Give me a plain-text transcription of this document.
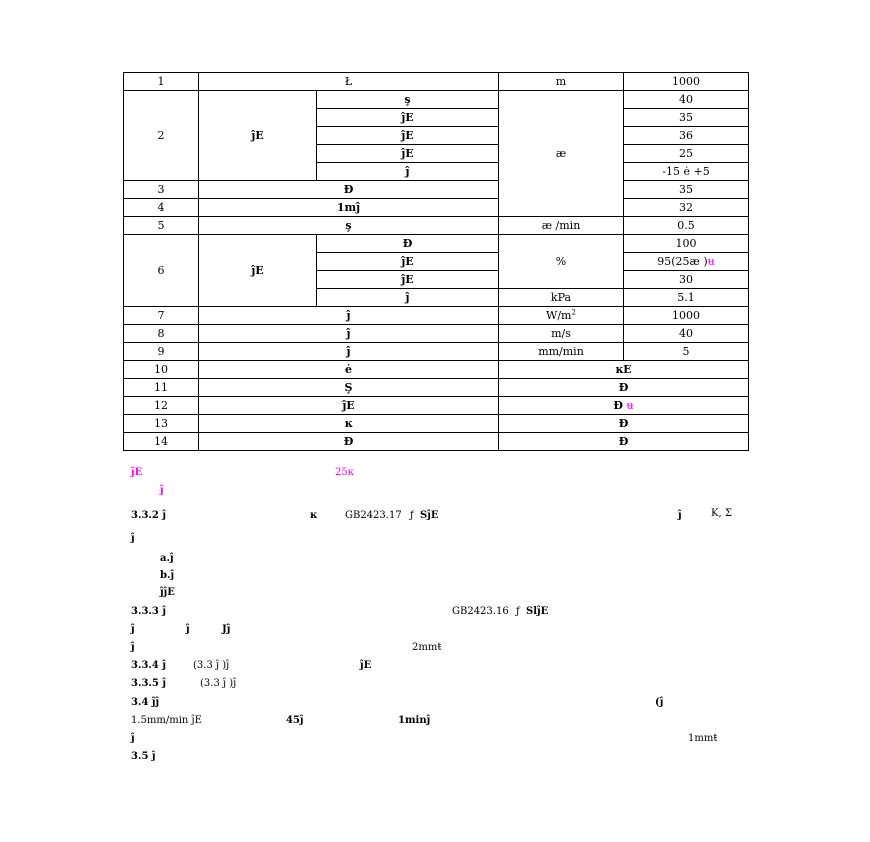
1	Ł		m	1000
2	ĵE	ş	æ	40
		ĵE		35
		ĵE		36
		ĵE		25
		ĵ		-15 ė +5
3	Đ			35
4	1mĵ			32
5	ş		æ /min	0.5
6	ĵE	Đ	%	100
		ĵE		95(25æ )ʉ
		ĵE		30
		ĵ	kPa	5.1
7	ĵ		$W/m^2$	1000
8	ĵ		m/s	40
9	ĵ		mm/min	5
10	ė		ĸE	
11	Ş		Đ	
12	ĵE		Đ ʉ	
13	ĸ		Đ	
14	Đ		Đ	
ĵE	25ĸ
ĵ
3.3.2 ĵ	ĸ	GB2423.17 ƒ SĵE	ĵ	K, Σ
ĵ
a.ĵ
b.ĵ
ĵĵE
3.3.3 ĵ	GB2423.16 ƒ SlĵE
ĵ	ĵ	Jĵ
ĵ	2mmŧ
3.3.4 ĵ	(3.3 ĵ )ĵ	ĵE
3.3.5 ĵ	(3.3 ĵ )ĵ
3.4 ĵĵ	(ĵ
1.5mm/min ĵE	45ĵ	1minĵ
ĵ	1mmŧ
3.5 ĵ
